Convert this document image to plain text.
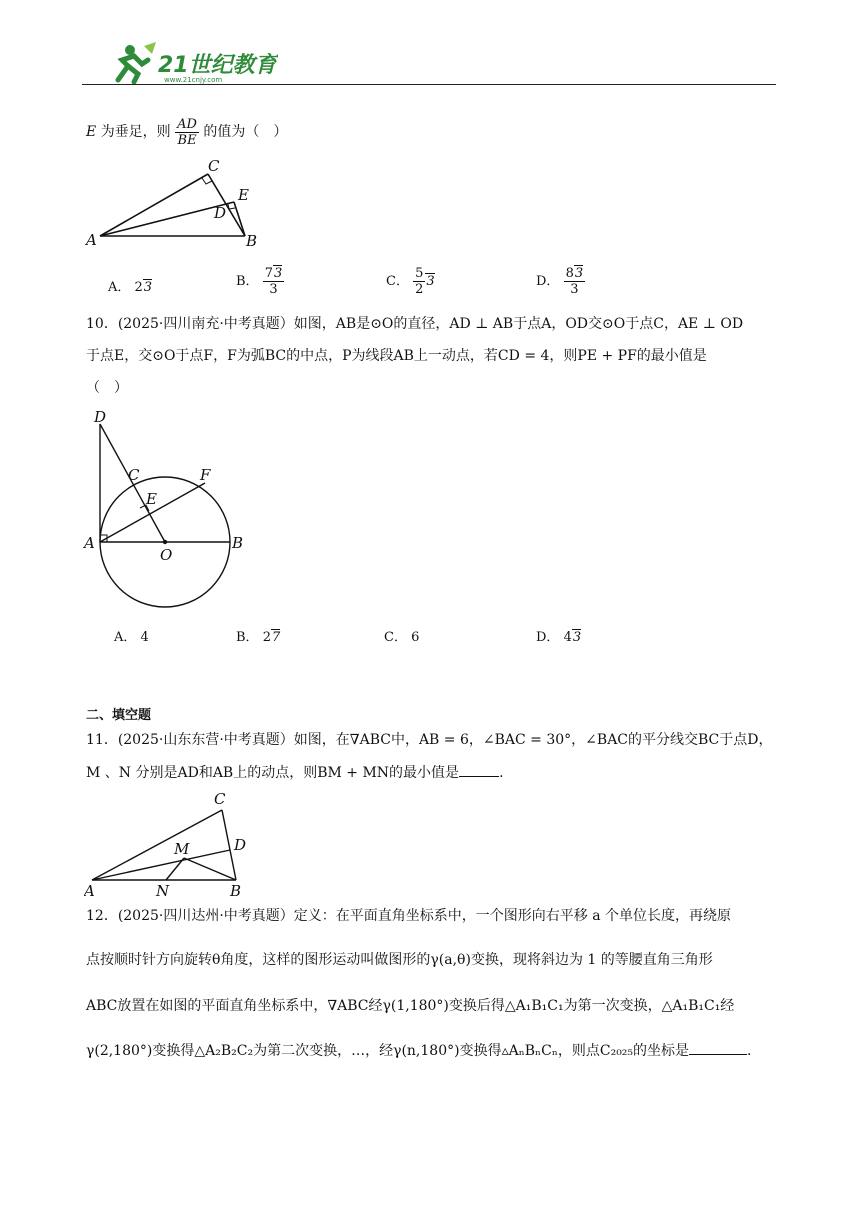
21世纪教育
www.21cnjy.com
E 为垂足，则 $\frac{AD}{BE}$ 的值为（　）
C
E
D
A	B
A． 23	B． $\frac{73}{3}$	C． $\frac{5}{2} 3$	D． $\frac{83}{3}$
10．(2025·四川南充·中考真题）如图，AB是⊙O的直径，AD ⊥ AB于点A，OD交⊙O于点C，AE ⊥ OD
于点E，交⊙O于点F，F为弧BC的中点，P为线段AB上一动点，若CD = 4，则PE + PF的最小值是
（　）
D
C	F
E
A
O
B
A． 4	B． 27	C． 6	D． 43
二、填空题
11．(2025·山东东营·中考真题）如图，在∇ABC中，AB = 6，∠BAC = 30°，∠BAC的平分线交BC于点D，
M 、N 分别是AD和AB上的动点，则BM + MN的最小值是	.
C
D
M
A	N	B
12．(2025·四川达州·中考真题）定义：在平面直角坐标系中，一个图形向右平移 a 个单位长度，再绕原
点按顺时针方向旋转θ角度，这样的图形运动叫做图形的γ(a,θ)变换，现将斜边为 1 的等腰直角三角形
ABC放置在如图的平面直角坐标系中，∇ABC经γ(1,180°)变换后得△A₁B₁C₁为第一次变换，△A₁B₁C₁经
γ(2,180°)变换得△A₂B₂C₂为第二次变换，…，经γ(n,180°)变换得▵AₙBₙCₙ，则点C₂₀₂₅的坐标是	.
